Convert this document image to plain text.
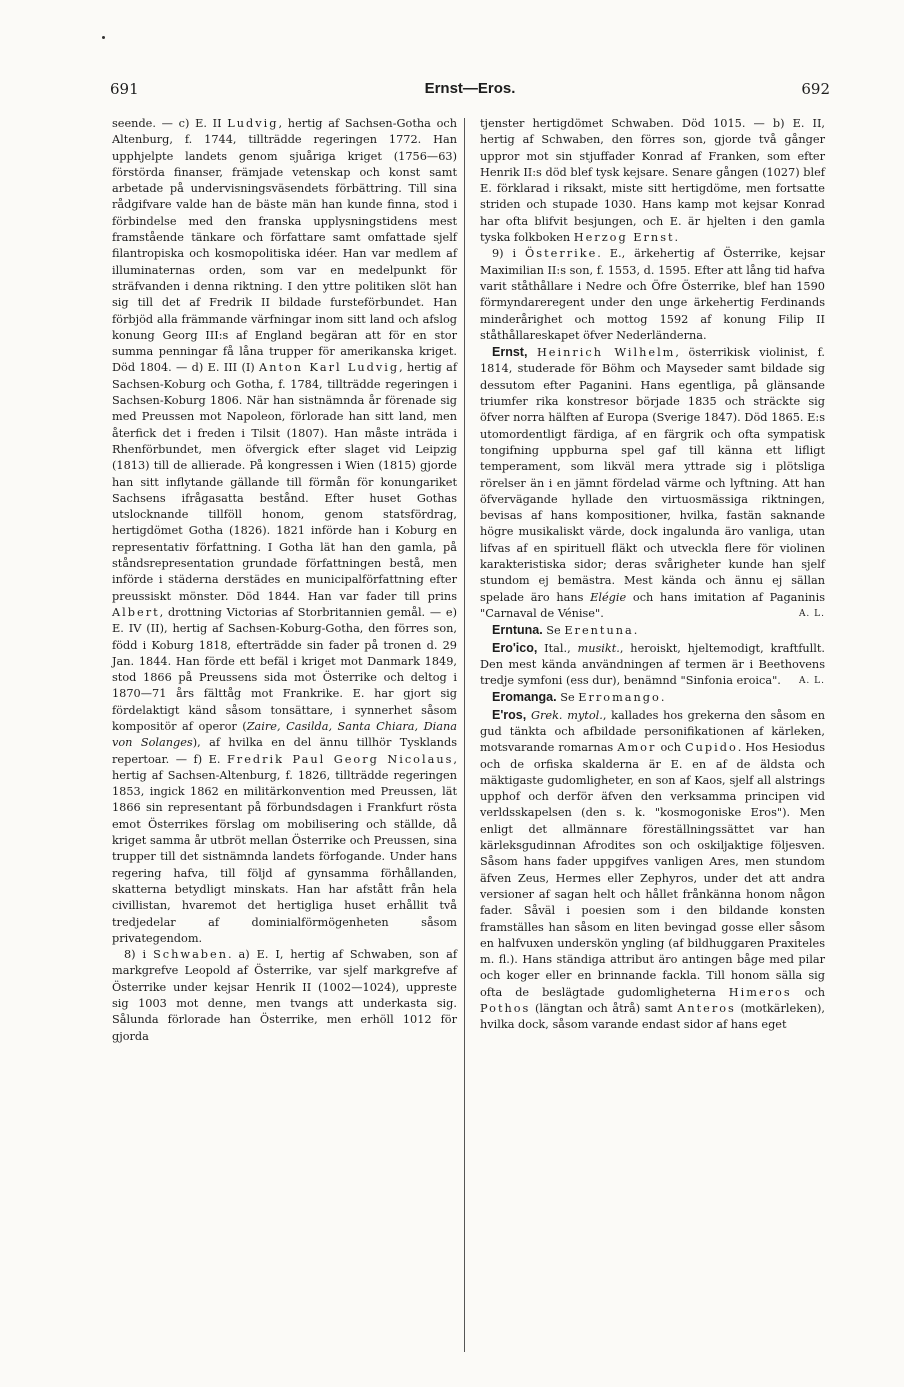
691	Ernst—Eros.	692

seende. — c) E. II Ludvig, hertig af Sachsen-Gotha och Altenburg, f. 1744, tillträdde regeringen 1772. Han upphjelpte landets genom sjuåriga kriget (1756—63) förstörda finanser, främjade vetenskap och konst samt arbetade på undervisningsväsendets förbättring. Till sina rådgifvare valde han de bäste män han kunde finna, stod i förbindelse med den franska upplysningstidens mest framstående tänkare och författare samt omfattade sjelf filantropiska och kosmopolitiska idéer. Han var medlem af illuminaternas orden, som var en medelpunkt för sträfvanden i denna riktning. I den yttre politiken slöt han sig till det af Fredrik II bildade fursteförbundet. Han förbjöd alla främmande värfningar inom sitt land och afslog konung Georg III:s af England begäran att för en stor summa penningar få låna trupper för amerikanska kriget. Död 1804. — d) E. III (I) Anton Karl Ludvig, hertig af Sachsen-Koburg och Gotha, f. 1784, tillträdde regeringen i Sachsen-Koburg 1806. När han sistnämnda år förenade sig med Preussen mot Napoleon, förlorade han sitt land, men återfick det i freden i Tilsit (1807). Han måste inträda i Rhenförbundet, men öfvergick efter slaget vid Leipzig (1813) till de allierade. På kongressen i Wien (1815) gjorde han sitt inflytande gällande till förmån för konungariket Sachsens ifrågasatta bestånd. Efter huset Gothas utslocknande tillföll honom, genom statsfördrag, hertigdömet Gotha (1826). 1821 införde han i Koburg en representativ författning. I Gotha lät han den gamla, på ståndsrepresentation grundade författningen bestå, men införde i städerna derstädes en municipalförfattning efter preussiskt mönster. Död 1844. Han var fader till prins Albert, drottning Victorias af Storbritannien gemål. — e) E. IV (II), hertig af Sachsen-Koburg-Gotha, den förres son, född i Koburg 1818, efterträdde sin fader på tronen d. 29 Jan. 1844. Han förde ett befäl i kriget mot Danmark 1849, stod 1866 på Preussens sida mot Österrike och deltog i 1870—71 års fälttåg mot Frankrike. E. har gjort sig fördelaktigt känd såsom tonsättare, i synnerhet såsom kompositör af operor (Zaire, Casilda, Santa Chiara, Diana von Solanges), af hvilka en del ännu tillhör Tysklands repertoar. — f) E. Fredrik Paul Georg Nicolaus, hertig af Sachsen-Altenburg, f. 1826, tillträdde regeringen 1853, ingick 1862 en militärkonvention med Preussen, lät 1866 sin representant på förbundsdagen i Frankfurt rösta emot Österrikes förslag om mobilisering och ställde, då kriget samma år utbröt mellan Österrike och Preussen, sina trupper till det sistnämnda landets förfogande. Under hans regering hafva, till följd af gynsamma förhållanden, skatterna betydligt minskats. Han har afstått från hela civillistan, hvaremot det hertigliga huset erhållit två tredjedelar af dominialförmögenheten såsom privategendom.

8) i Schwaben. a) E. I, hertig af Schwaben, son af markgrefve Leopold af Österrike, var sjelf markgrefve af Österrike under kejsar Henrik II (1002—1024), uppreste sig 1003 mot denne, men tvangs att underkasta sig. Sålunda förlorade han Österrike, men erhöll 1012 för gjorda

tjenster hertigdömet Schwaben. Död 1015. — b) E. II, hertig af Schwaben, den förres son, gjorde två gånger uppror mot sin stjuffader Konrad af Franken, som efter Henrik II:s död blef tysk kejsare. Senare gången (1027) blef E. förklarad i riksakt, miste sitt hertigdöme, men fortsatte striden och stupade 1030. Hans kamp mot kejsar Konrad har ofta blifvit besjungen, och E. är hjelten i den gamla tyska folkboken Herzog Ernst.

9) i Österrike. E., ärkehertig af Österrike, kejsar Maximilian II:s son, f. 1553, d. 1595. Efter att lång tid hafva varit ståthållare i Nedre och Öfre Österrike, blef han 1590 förmyndareregent under den unge ärkehertig Ferdinands minderårighet och mottog 1592 af konung Filip II ståthållareskapet öfver Nederländerna.

Ernst, Heinrich Wilhelm, österrikisk violinist, f. 1814, studerade för Böhm och Mayseder samt bildade sig dessutom efter Paganini. Hans egentliga, på glänsande triumfer rika konstresor började 1835 och sträckte sig öfver norra hälften af Europa (Sverige 1847). Död 1865. E:s utomordentligt färdiga, af en färgrik och ofta sympatisk tongifning uppburna spel gaf till känna ett lifligt temperament, som likväl mera yttrade sig i plötsliga rörelser än i en jämnt fördelad värme och lyftning. Att han öfvervägande hyllade den virtuosmässiga riktningen, bevisas af hans kompositioner, hvilka, fastän saknande högre musikaliskt värde, dock ingalunda äro vanliga, utan lifvas af en spirituell fläkt och utveckla flere för violinen karakteristiska sidor; deras svårigheter kunde han sjelf stundom ej bemästra. Mest kända och ännu ej sällan spelade äro hans Elégie och hans imitation af Paganinis "Carnaval de Vénise".	A. L.

Erntuna. Se Erentuna.

Ero'ico, Ital., musikt., heroiskt, hjeltemodigt, kraftfullt. Den mest kända användningen af termen är i Beethovens tredje symfoni (ess dur), benämnd "Sinfonia eroica".	A. L.

Eromanga. Se Erromango.

E'ros, Grek. mytol., kallades hos grekerna den såsom en gud tänkta och afbildade personifikationen af kärleken, motsvarande romarnas Amor och Cupido. Hos Hesiodus och de orfiska skalderna är E. en af de äldsta och mäktigaste gudomligheter, en son af Kaos, sjelf all alstrings upphof och derför äfven den verksamma principen vid verldsskapelsen (den s. k. "kosmogoniske Eros"). Men enligt det allmännare föreställningssättet var han kärleksgudinnan Afrodites son och oskiljaktige följesven. Såsom hans fader uppgifves vanligen Ares, men stundom äfven Zeus, Hermes eller Zephyros, under det att andra versioner af sagan helt och hållet frånkänna honom någon fader. Såväl i poesien som i den bildande konsten framställes han såsom en liten bevingad gosse eller såsom en halfvuxen underskön yngling (af bildhuggaren Praxiteles m. fl.). Hans ständiga attribut äro antingen båge med pilar och koger eller en brinnande fackla. Till honom sälla sig ofta de beslägtade gudomligheterna Himeros och Pothos (längtan och åtrå) samt Anteros (motkärleken), hvilka dock, såsom varande endast sidor af hans eget
